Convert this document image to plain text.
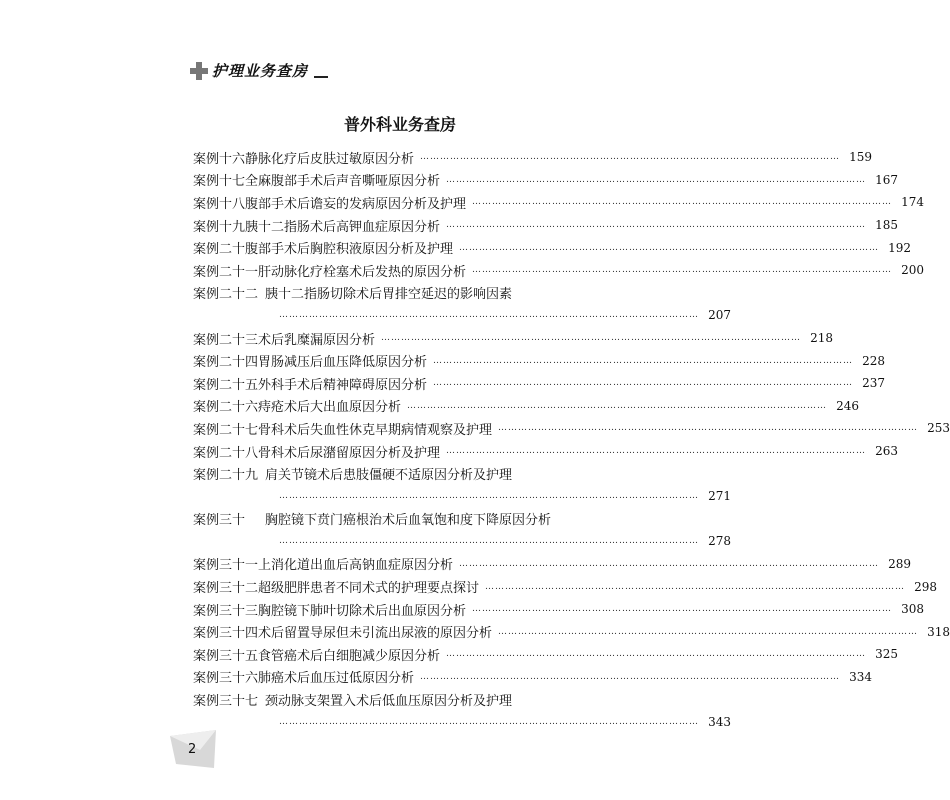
护理业务查房
普外科业务查房
案例十六 静脉化疗后皮肤过敏原因分析 ……………………………………………………………………………………………………………… 159
案例十七 全麻腹部手术后声音嘶哑原因分析 ……………………………………………………………………………………………………………… 167
案例十八 腹部手术后谵妄的发病原因分析及护理 ……………………………………………………………………………………………………………… 174
案例十九 胰十二指肠术后高钾血症原因分析 ……………………………………………………………………………………………………………… 185
案例二十 腹部手术后胸腔积液原因分析及护理 ……………………………………………………………………………………………………………… 192
案例二十一 肝动脉化疗栓塞术后发热的原因分析 ……………………………………………………………………………………………………………… 200
案例二十二 胰十二指肠切除术后胃排空延迟的影响因素
……………………………………………………………………………………………………………… 207
案例二十三 术后乳糜漏原因分析 ……………………………………………………………………………………………………………… 218
案例二十四 胃肠减压后血压降低原因分析 ……………………………………………………………………………………………………………… 228
案例二十五 外科手术后精神障碍原因分析 ……………………………………………………………………………………………………………… 237
案例二十六 痔疮术后大出血原因分析 ……………………………………………………………………………………………………………… 246
案例二十七 骨科术后失血性休克早期病情观察及护理 ……………………………………………………………………………………………………………… 253
案例二十八 骨科术后尿潴留原因分析及护理 ……………………………………………………………………………………………………………… 263
案例二十九 肩关节镜术后患肢僵硬不适原因分析及护理
……………………………………………………………………………………………………………… 271
案例三十	胸腔镜下贲门癌根治术后血氧饱和度下降原因分析
……………………………………………………………………………………………………………… 278
案例三十一 上消化道出血后高钠血症原因分析 ……………………………………………………………………………………………………………… 289
案例三十二 超级肥胖患者不同术式的护理要点探讨 ……………………………………………………………………………………………………………… 298
案例三十三 胸腔镜下肺叶切除术后出血原因分析 ……………………………………………………………………………………………………………… 308
案例三十四 术后留置导尿但未引流出尿液的原因分析 ……………………………………………………………………………………………………………… 318
案例三十五 食管癌术后白细胞减少原因分析 ……………………………………………………………………………………………………………… 325
案例三十六 肺癌术后血压过低原因分析 ……………………………………………………………………………………………………………… 334
案例三十七 颈动脉支架置入术后低血压原因分析及护理
……………………………………………………………………………………………………………… 343
2
